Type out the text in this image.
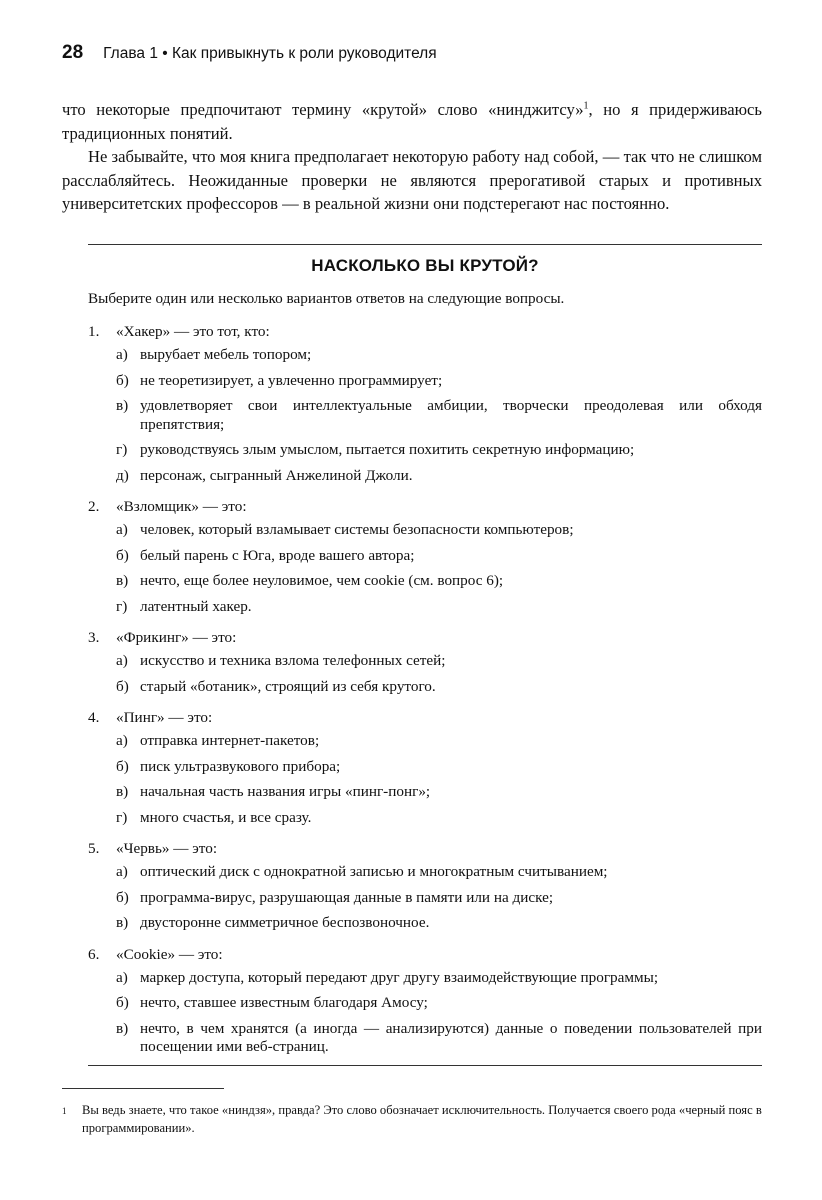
28 Глава 1 • Как привыкнуть к роли руководителя

что некоторые предпочитают термину «крутой» слово «нинджитсу»$^1$, но я придерживаюсь традиционных понятий.

Не забывайте, что моя книга предполагает некоторую работу над собой, — так что не слишком расслабляйтесь. Неожиданные проверки не являются прерогативой старых и противных университетских профессоров — в реальной жизни они подстерегают нас постоянно.

НАСКОЛЬКО ВЫ КРУТОЙ?

Выберите один или несколько вариантов ответов на следующие вопросы.

1.	«Хакер» — это тот, кто:
а) вырубает мебель топором;
б) не теоретизирует, а увлеченно программирует;
в) удовлетворяет свои интеллектуальные амбиции, творчески преодолевая или обходя препятствия;
г) руководствуясь злым умыслом, пытается похитить секретную информацию;
д) персонаж, сыгранный Анжелиной Джоли.
2.	«Взломщик» — это:
а) человек, который взламывает системы безопасности компьютеров;
б) белый парень с Юга, вроде вашего автора;
в) нечто, еще более неуловимое, чем cookie (см. вопрос 6);
г) латентный хакер.
3.	«Фрикинг» — это:
а) искусство и техника взлома телефонных сетей;
б) старый «ботаник», строящий из себя крутого.
4.	«Пинг» — это:
а) отправка интернет-пакетов;
б) писк ультразвукового прибора;
в) начальная часть названия игры «пинг-понг»;
г) много счастья, и все сразу.
5.	«Червь» — это:
а) оптический диск с однократной записью и многократным считыванием;
б) программа-вирус, разрушающая данные в памяти или на диске;
в) двусторонне симметричное беспозвоночное.
6.	«Cookie» — это:
а) маркер доступа, который передают друг другу взаимодействующие программы;
б) нечто, ставшее известным благодаря Амосу;
в) нечто, в чем хранятся (а иногда — анализируются) данные о поведении пользователей при посещении ими веб-страниц.
1	Вы ведь знаете, что такое «ниндзя», правда? Это слово обозначает исключительность. Получается своего рода «черный пояс в программировании».
